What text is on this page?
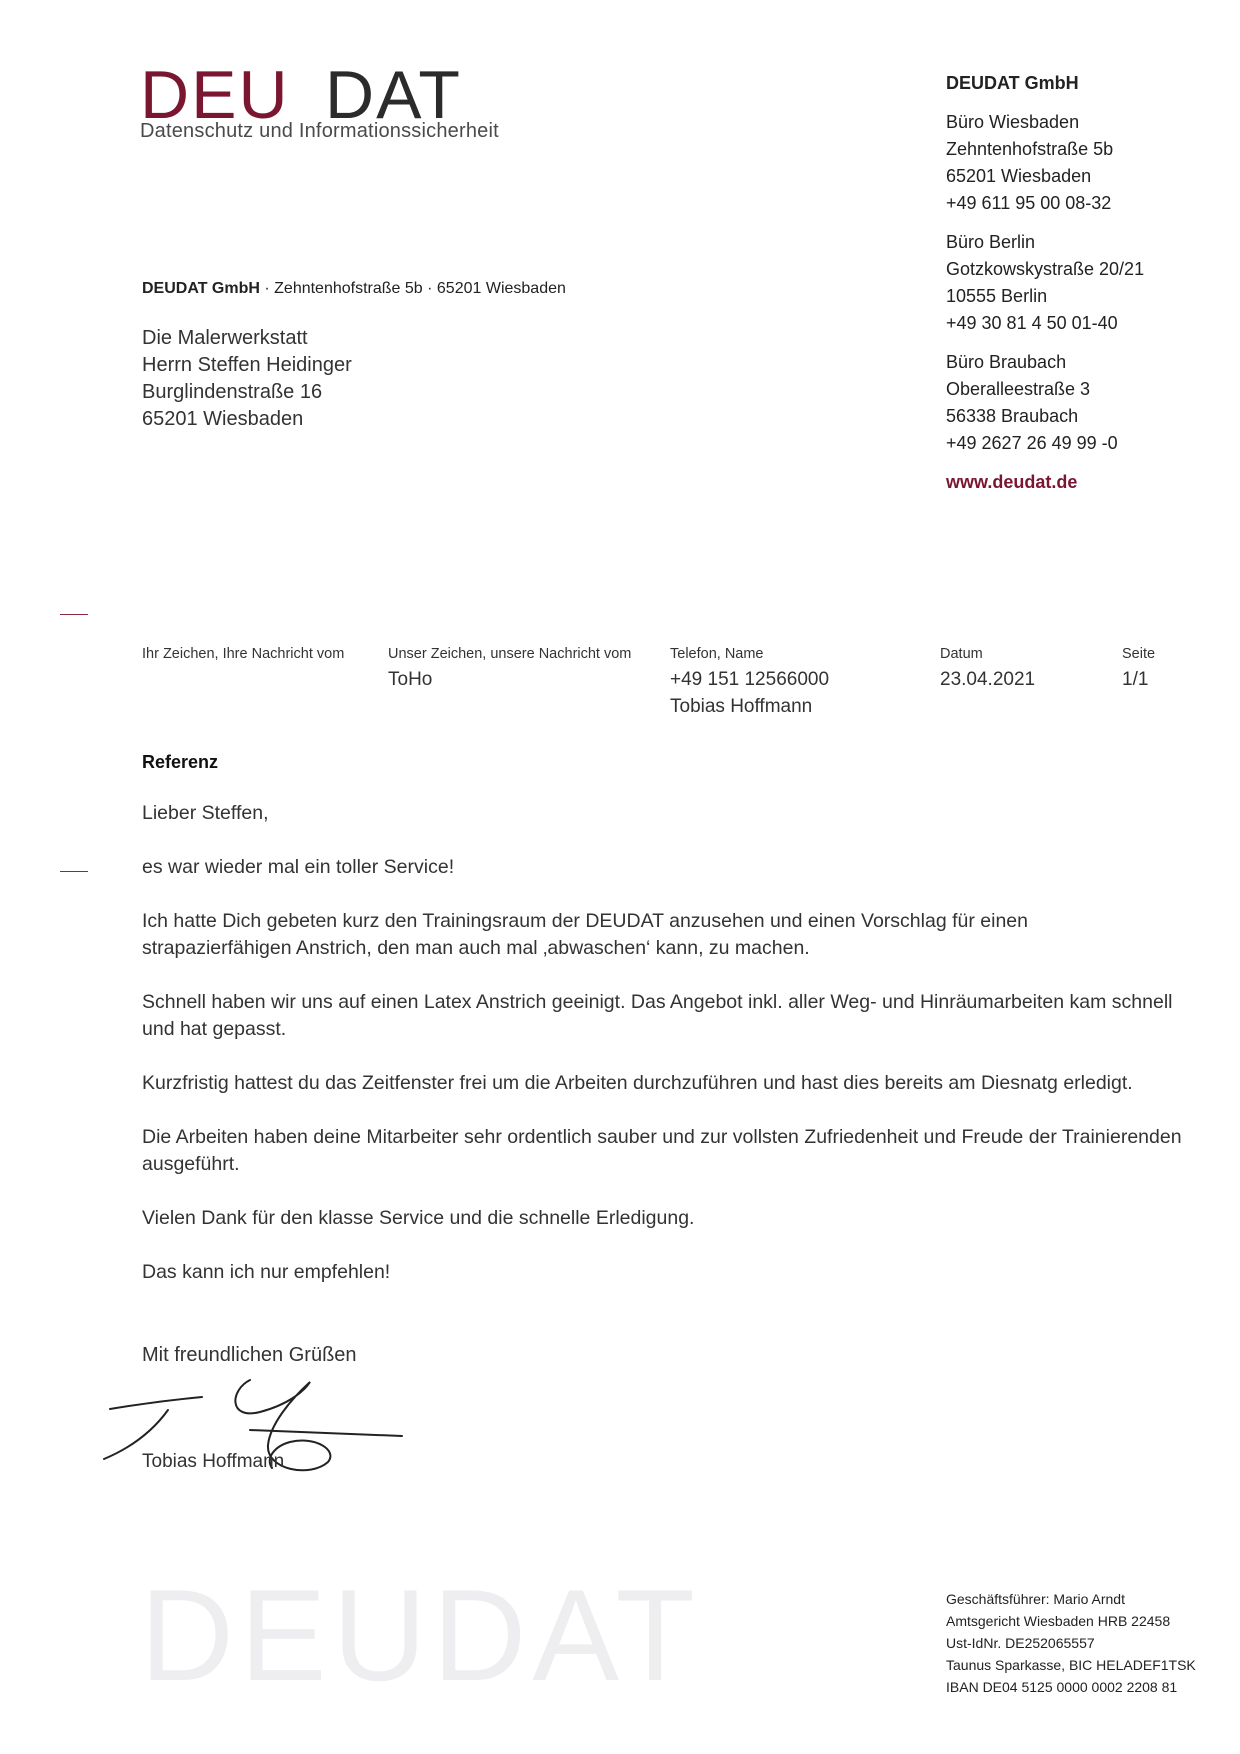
DEU DAT
Datenschutz und Informationssicherheit
DEUDAT GmbH
Büro Wiesbaden
Zehntenhofstraße 5b
65201 Wiesbaden
+49 611 95 00 08-32
Büro Berlin
Gotzkowskystraße 20/21
10555 Berlin
+49 30 81 4 50 01-40
Büro Braubach
Oberalleestraße 3
56338 Braubach
+49 2627 26 49 99 -0
www.deudat.de
DEUDAT GmbH · Zehntenhofstraße 5b · 65201 Wiesbaden
Die Malerwerkstatt
Herrn Steffen Heidinger
Burglindenstraße 16
65201 Wiesbaden
Ihr Zeichen, Ihre Nachricht vom	Unser Zeichen, unsere Nachricht vom
ToHo
Telefon, Name
+49 151 12566000
Tobias Hoffmann
Datum
23.04.2021
Seite
1/1
Referenz

Lieber Steffen,

es war wieder mal ein toller Service!

Ich hatte Dich gebeten kurz den Trainingsraum der DEUDAT anzusehen und einen Vorschlag für einen strapazierfähigen Anstrich, den man auch mal ‚abwaschen‘ kann, zu machen.

Schnell haben wir uns auf einen Latex Anstrich geeinigt. Das Angebot inkl. aller Weg- und Hinräumarbeiten kam schnell und hat gepasst.

Kurzfristig hattest du das Zeitfenster frei um die Arbeiten durchzuführen und hast dies bereits am Diesnatg erledigt.

Die Arbeiten haben deine Mitarbeiter sehr ordentlich sauber und zur vollsten Zufriedenheit und Freude der Trainierenden ausgeführt.

Vielen Dank für den klasse Service und die schnelle Erledigung.

Das kann ich nur empfehlen!

Mit freundlichen Grüßen
Tobias Hoffmann
DEUDAT	Geschäftsführer: Mario Arndt
Amtsgericht Wiesbaden HRB 22458
Ust-IdNr. DE252065557
Taunus Sparkasse, BIC HELADEF1TSK
IBAN DE04 5125 0000 0002 2208 81
